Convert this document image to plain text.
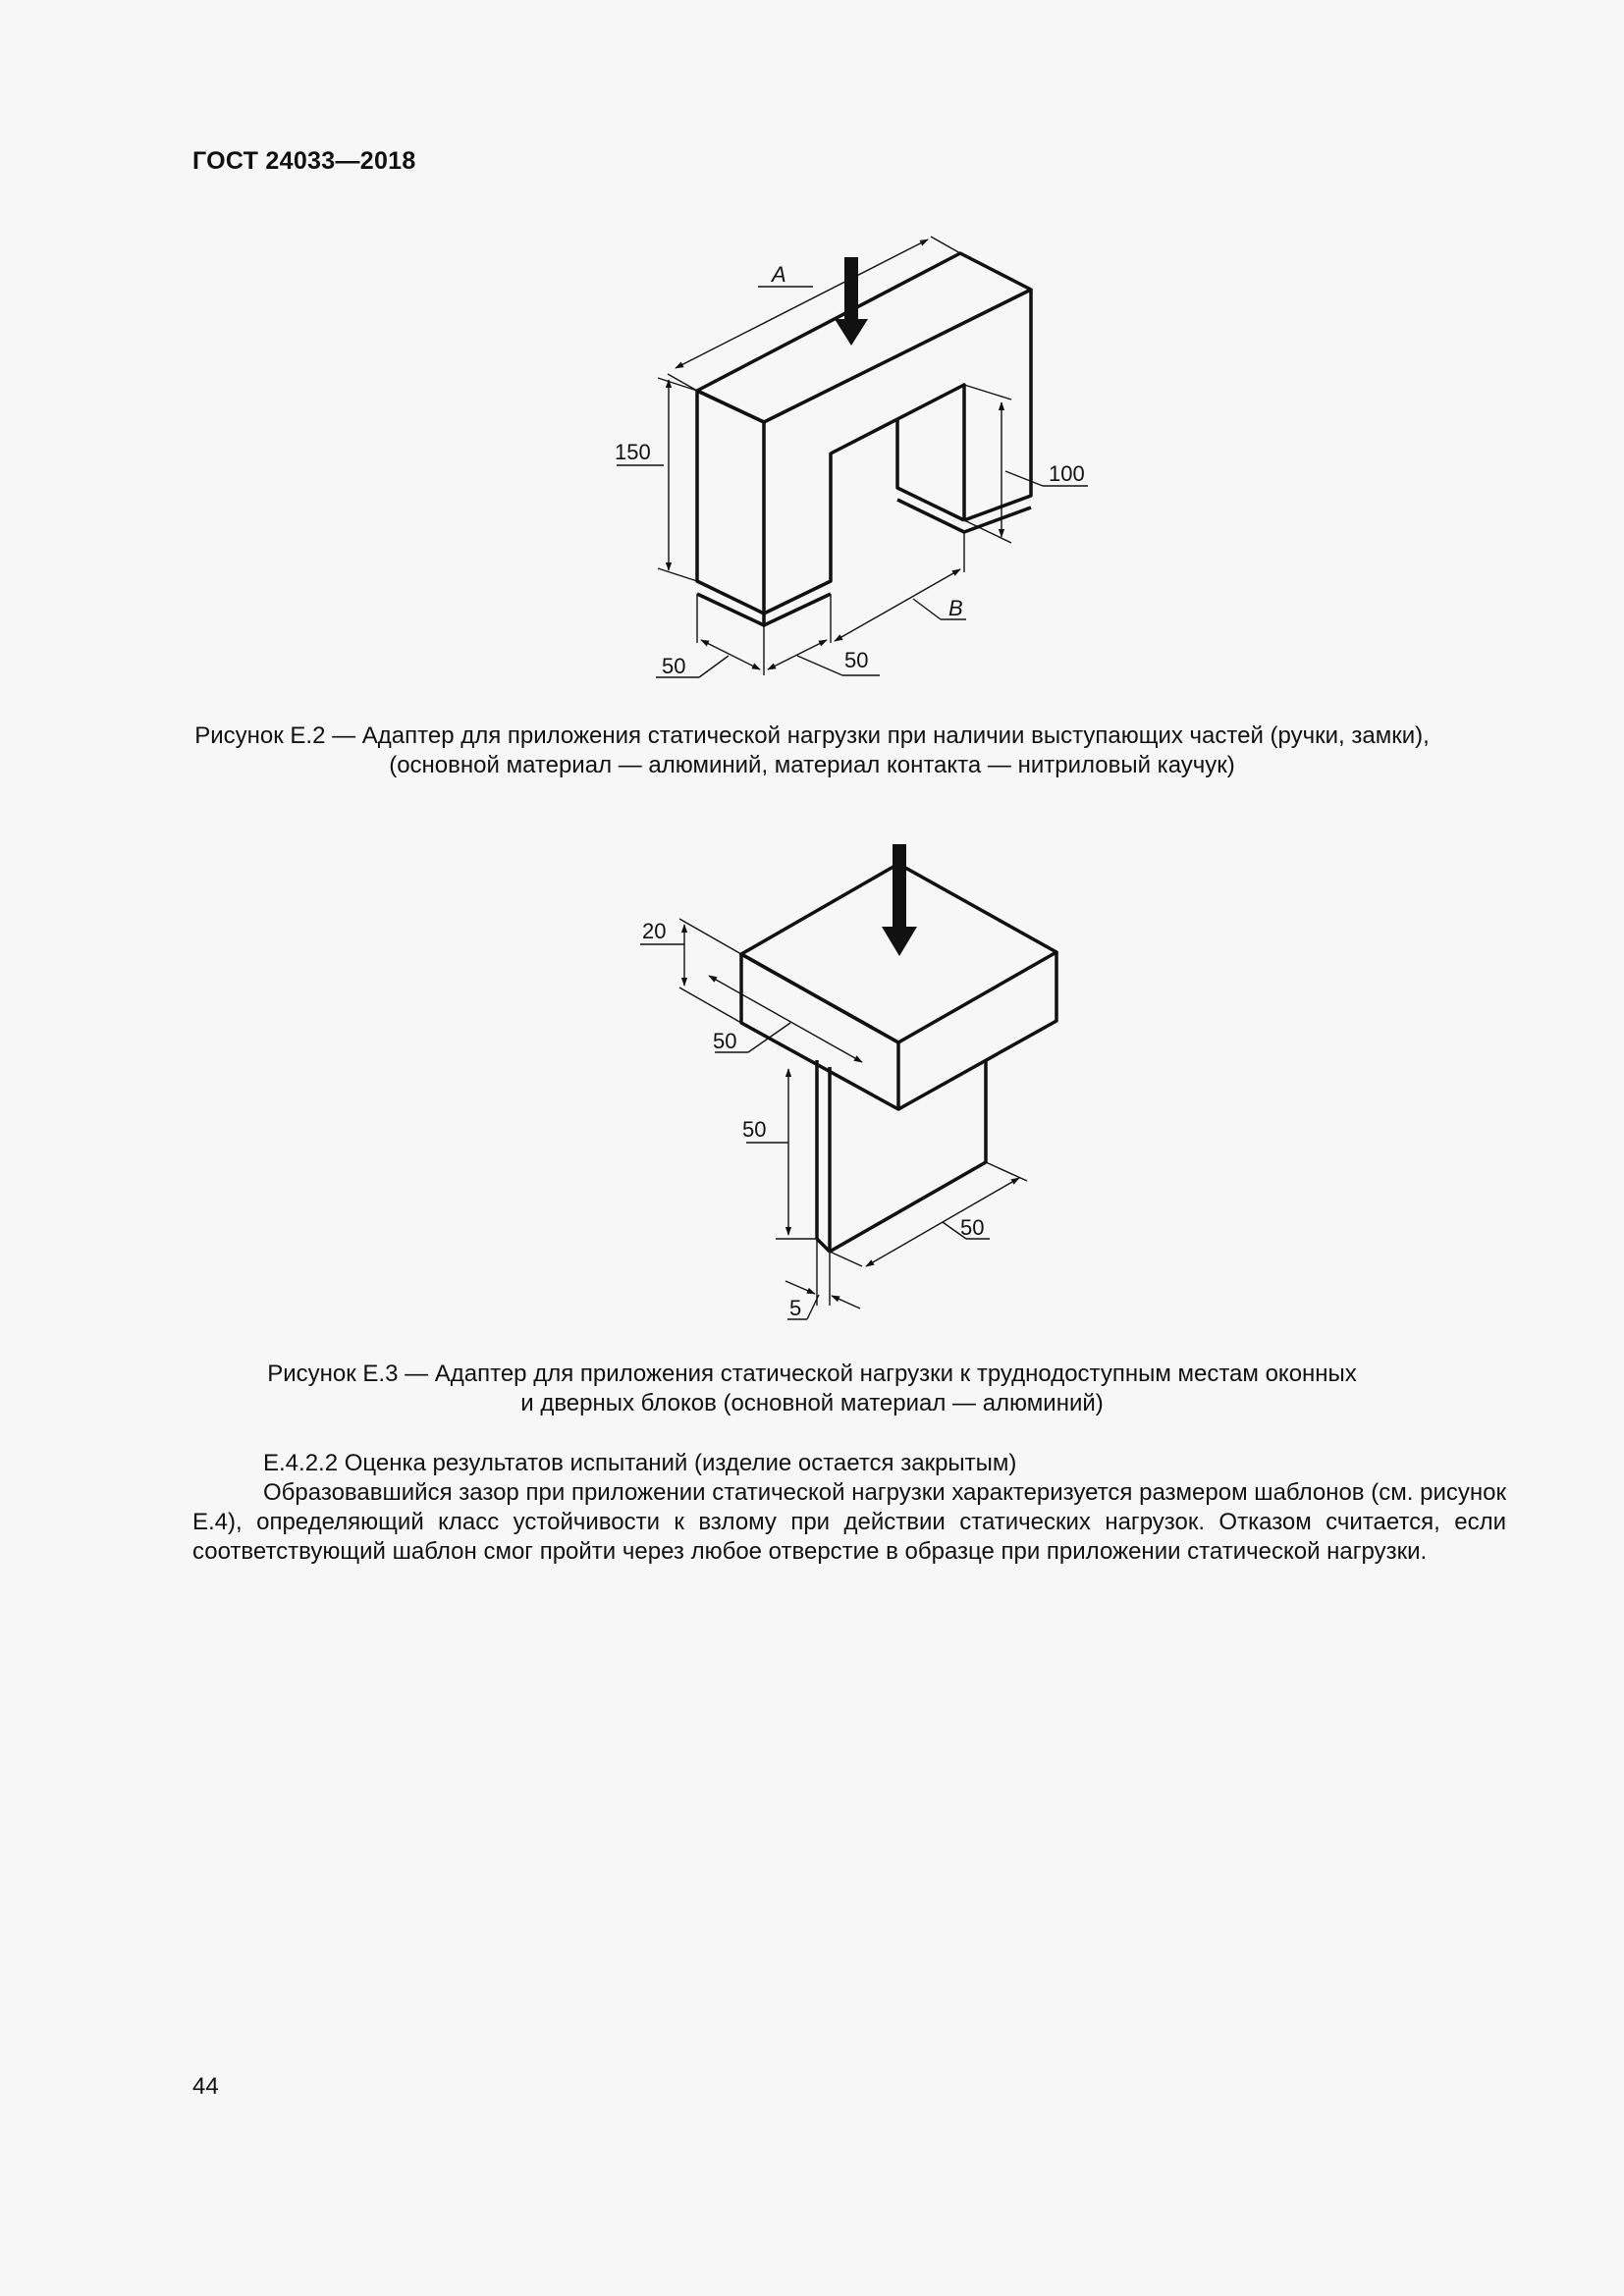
ГОСТ 24033—2018
A
B
150
100
50	50
Рисунок Е.2 — Адаптер для приложения статической нагрузки при наличии выступающих частей (ручки, замки),
(основной материал — алюминий, материал контакта — нитриловый каучук)
20
50
50
50
5
Рисунок Е.3 — Адаптер для приложения статической нагрузки к труднодоступным местам оконных
и дверных блоков (основной материал — алюминий)
Е.4.2.2 Оценка результатов испытаний (изделие остается закрытым)
Образовавшийся зазор при приложении статической нагрузки характеризуется размером шаблонов (см. рисунок Е.4), определяющий класс устойчивости к взлому при действии статических нагрузок. Отказом считается, если соответствующий шаблон смог пройти через любое отверстие в образце при приложении статической нагрузки.
44
